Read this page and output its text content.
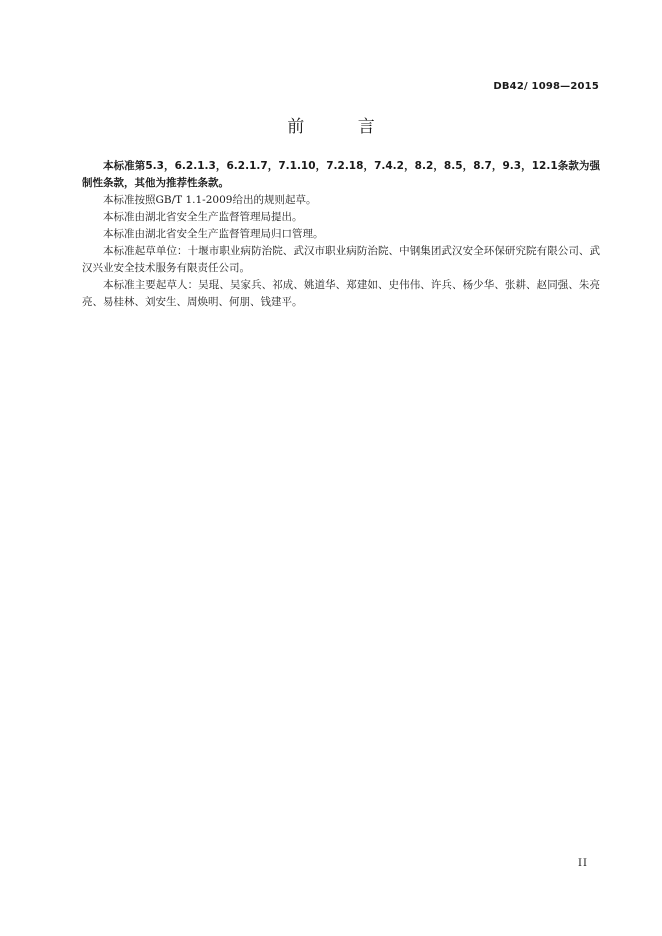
DB42/ 1098—2015
前 言

本标准第5.3，6.2.1.3，6.2.1.7，7.1.10，7.2.18，7.4.2，8.2，8.5，8.7，9.3，12.1条款为强制性条款，其他为推荐性条款。

本标准按照GB/T 1.1-2009给出的规则起草。

本标准由湖北省安全生产监督管理局提出。

本标准由湖北省安全生产监督管理局归口管理。

本标准起草单位：十堰市职业病防治院、武汉市职业病防治院、中钢集团武汉安全环保研究院有限公司、武汉兴业安全技术服务有限责任公司。

本标准主要起草人：吴琨、吴家兵、祁成、姚道华、郑建如、史伟伟、许兵、杨少华、张耕、赵同强、朱亮亮、易桂林、刘安生、周焕明、何朋、钱建平。

II
